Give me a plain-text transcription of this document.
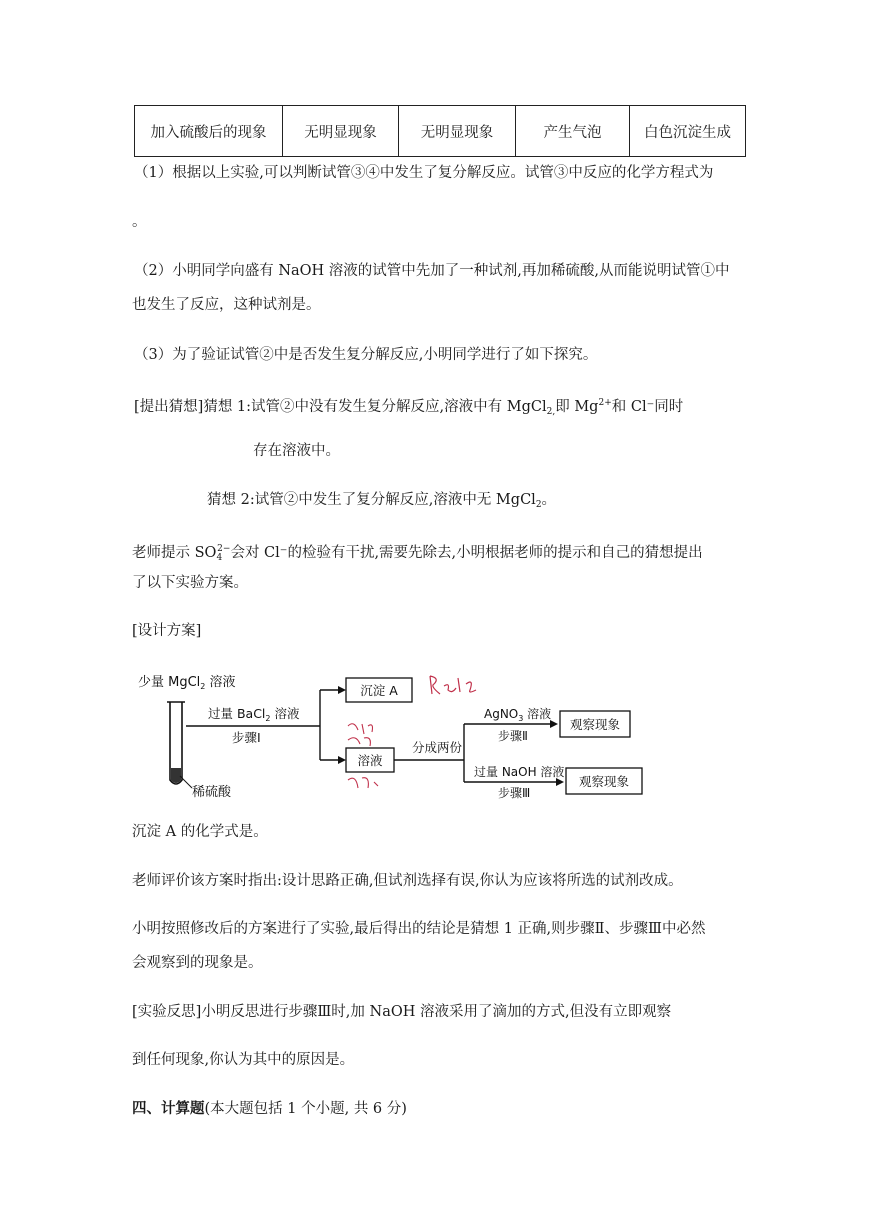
加入硫酸后的现象	无明显现象	无明显现象	产生气泡	白色沉淀生成
（1）根据以上实验,可以判断试管③④中发生了复分解反应。试管③中反应的化学方程式为
。
（2）小明同学向盛有 NaOH 溶液的试管中先加了一种试剂,再加稀硫酸,从而能说明试管①中
也发生了反应，这种试剂是。
（3）为了验证试管②中是否发生复分解反应,小明同学进行了如下探究。
[提出猜想]猜想 1:试管②中没有发生复分解反应,溶液中有 MgCl$_{2,}$即 $Mg^{2+}$和 Cl⁻同时
存在溶液中。
猜想 2:试管②中发生了复分解反应,溶液中无 MgCl$_2$。
老师提示 $SO_4^{2-}$会对 Cl⁻的检验有干扰,需要先除去,小明根据老师的提示和自己的猜想提出
了以下实验方案。
[设计方案]
少量 MgCl$_2$ 溶液
稀硫酸
过量 BaCl$_2$ 溶液
步骤Ⅰ
沉淀 A
溶液
分成两份
AgNO$_3$ 溶液
步骤Ⅱ
观察现象
过量 NaOH 溶液
步骤Ⅲ
观察现象
沉淀 A 的化学式是。
老师评价该方案时指出:设计思路正确,但试剂选择有误,你认为应该将所选的试剂改成。
小明按照修改后的方案进行了实验,最后得出的结论是猜想 1 正确,则步骤Ⅱ、步骤Ⅲ中必然
会观察到的现象是。
[实验反思]小明反思进行步骤Ⅲ时,加 NaOH 溶液采用了滴加的方式,但没有立即观察
到任何现象,你认为其中的原因是。
四、计算题(本大题包括 1 个小题, 共 6 分)
